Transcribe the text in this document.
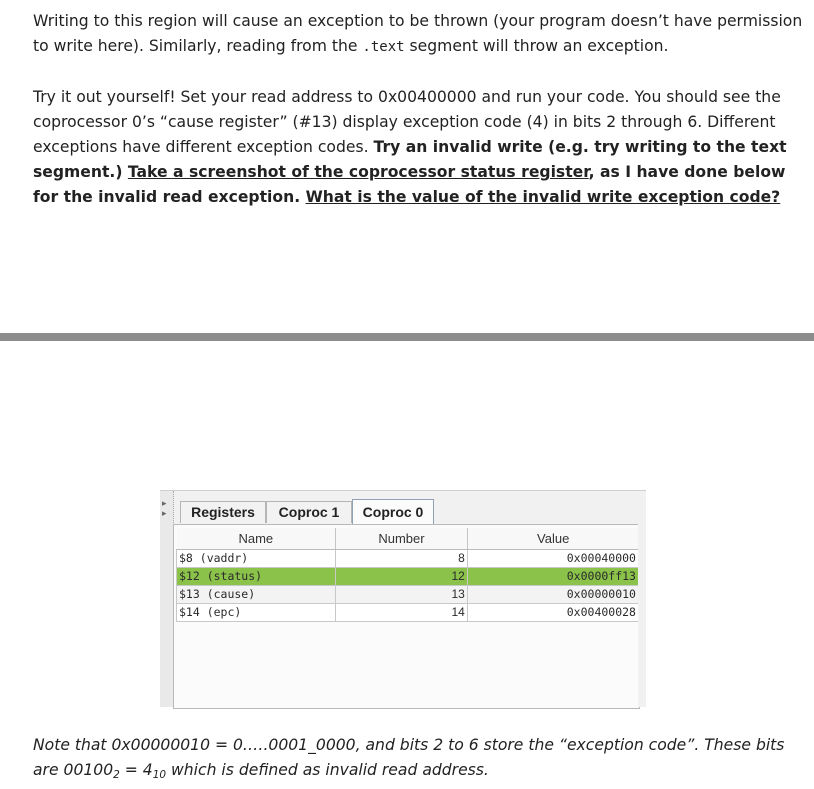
Writing to this region will cause an exception to be thrown (your program doesn’t have permission to write here). Similarly, reading from the .text segment will throw an exception.

Try it out yourself! Set your read address to 0x00400000 and run your code. You should see the coprocessor 0’s “cause register” (#13) display exception code (4) in bits 2 through 6. Different exceptions have different exception codes. Try an invalid write (e.g. try writing to the text segment.) Take a screenshot of the coprocessor status register, as I have done below for the invalid read exception. What is the value of the invalid write exception code?

▸
▸	Registers	Coproc 1	Coproc 0
Name	Number	Value
$8 (vaddr)	8	0x00040000
$12 (status)	12	0x0000ff13
$13 (cause)	13	0x00000010
$14 (epc)	14	0x00400028

Note that 0x00000010 = 0.….0001_0000, and bits 2 to 6 store the “exception code”. These bits are $00100_2 = 4_{10}$ which is defined as invalid read address.
